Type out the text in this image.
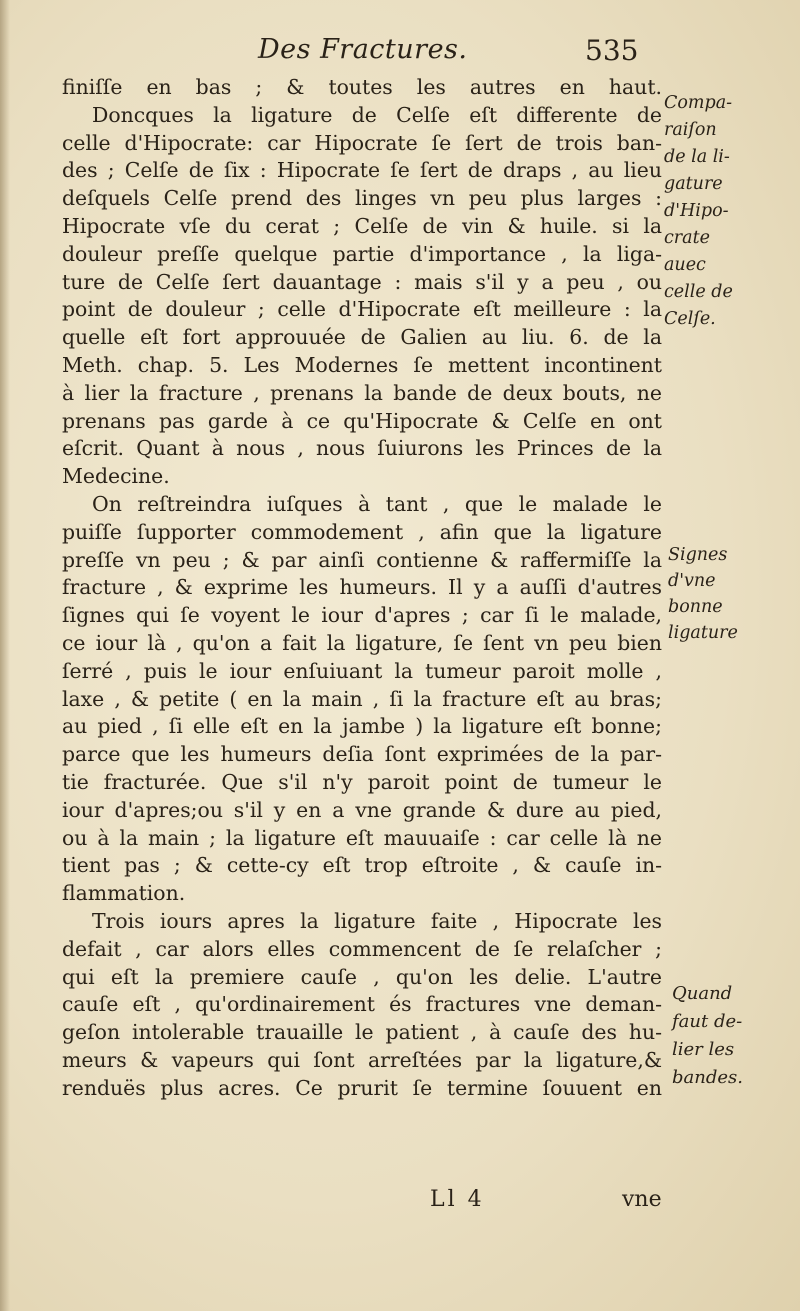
Des Fractures.	535
finiſſe en bas ; & toutes les autres en haut.
Doncques la ligature de Celſe eſt differente de
celle d'Hipocrate: car Hipocrate ſe ſert de trois ban-
des ; Celſe de ſix : Hipocrate ſe ſert de draps , au lieu
deſquels Celſe prend des linges vn peu plus larges :
Hipocrate vſe du cerat ; Celſe de vin & huile. si la
douleur preſſe quelque partie d'importance , la liga-
ture de Celſe ſert dauantage : mais s'il y a peu , ou
point de douleur ; celle d'Hipocrate eſt meilleure : la
quelle eſt fort approuuée de Galien au liu. 6. de la
Meth. chap. 5. Les Modernes ſe mettent incontinent
à lier la fracture , prenans la bande de deux bouts, ne
prenans pas garde à ce qu'Hipocrate & Celſe en ont
eſcrit. Quant à nous , nous ſuiurons les Princes de la
Medecine.
On reſtreindra iuſques à tant , que le malade le
puiſſe ſupporter commodement , afin que la ligature
preſſe vn peu ; & par ainſi contienne & raffermiſſe la
fracture , & exprime les humeurs. Il y a auſſi d'autres
ſignes qui ſe voyent le iour d'apres ; car ſi le malade,
ce iour là , qu'on a fait la ligature, ſe ſent vn peu bien
ſerré , puis le iour enſuiuant la tumeur paroit molle ,
laxe , & petite ( en la main , ſi la fracture eſt au bras;
au pied , ſi elle eſt en la jambe ) la ligature eſt bonne;
parce que les humeurs deſia ſont exprimées de la par-
tie fracturée. Que s'il n'y paroit point de tumeur le
iour d'apres;ou s'il y en a vne grande & dure au pied,
ou à la main ; la ligature eſt mauuaiſe : car celle là ne
tient pas ; & cette-cy eſt trop eſtroite , & cauſe in-
flammation.
Trois iours apres la ligature faite , Hipocrate les
defait , car alors elles commencent de ſe relaſcher ;
qui eſt la premiere cauſe , qu'on les delie. L'autre
cauſe eſt , qu'ordinairement és fractures vne deman-
geſon intolerable trauaille le patient , à cauſe des hu-
meurs & vapeurs qui ſont arreſtées par la ligature,&
renduës plus acres. Ce prurit ſe termine ſouuent en
Compa-
raiſon
de la li-
gature
d'Hipo-
crate
auec
celle de
Celſe.
Signes
d'vne
bonne
ligature
Quand
faut de-
lier les
bandes.
Ll 4	vne
